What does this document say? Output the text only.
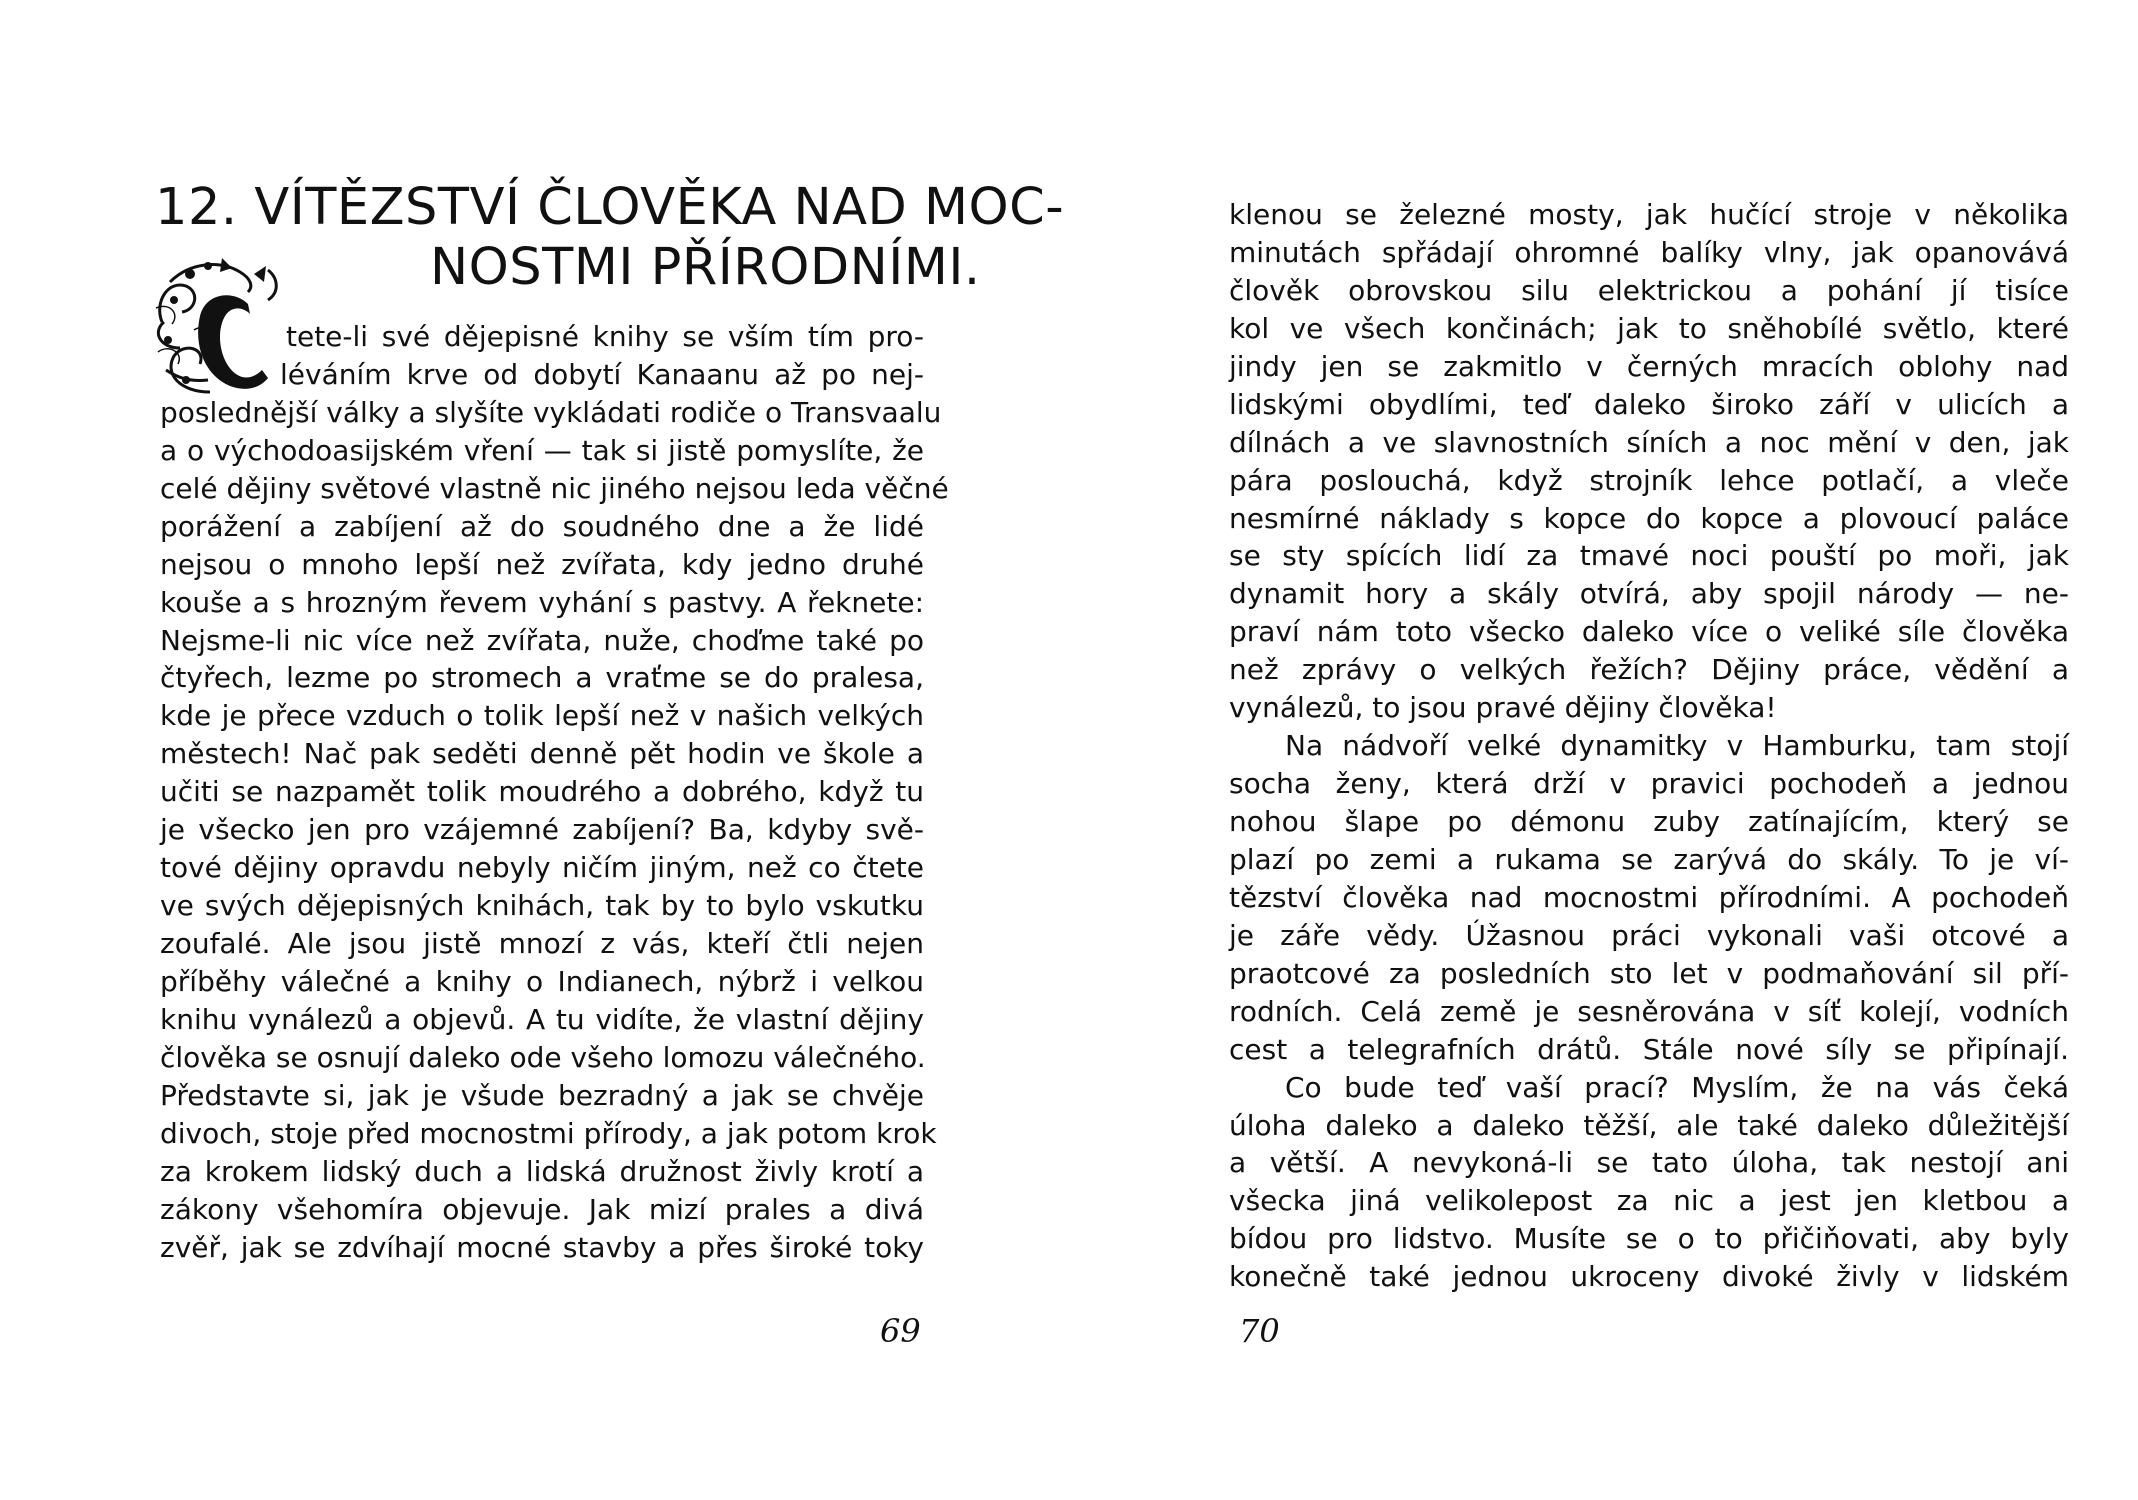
12. VÍTĚZSTVÍ ČLOVĚKA NAD MOC-
NOSTMI PŘÍRODNÍMI.
tete-li své dějepisné knihy se vším tím pro-
léváním krve od dobytí Kanaanu až po nej-
poslednější války a slyšíte vykládati rodiče o Transvaalu
a o východoasijském vření — tak si jistě pomyslíte, že
celé dějiny světové vlastně nic jiného nejsou leda věčné
porážení a zabíjení až do soudného dne a že lidé
nejsou o mnoho lepší než zvířata, kdy jedno druhé
kouše a s hrozným řevem vyhání s pastvy. A řeknete:
Nejsme-li nic více než zvířata, nuže, choďme také po
čtyřech, lezme po stromech a vraťme se do pralesa,
kde je přece vzduch o tolik lepší než v našich velkých
městech! Nač pak seděti denně pět hodin ve škole a
učiti se nazpamět tolik moudrého a dobrého, když tu
je všecko jen pro vzájemné zabíjení? Ba, kdyby svě-
tové dějiny opravdu nebyly ničím jiným, než co čtete
ve svých dějepisných knihách, tak by to bylo vskutku
zoufalé. Ale jsou jistě mnozí z vás, kteří čtli nejen
příběhy válečné a knihy o Indianech, nýbrž i velkou
knihu vynálezů a objevů. A tu vidíte, že vlastní dějiny
člověka se osnují daleko ode všeho lomozu válečného.
Představte si, jak je všude bezradný a jak se chvěje
divoch, stoje před mocnostmi přírody, a jak potom krok
za krokem lidský duch a lidská družnost živly krotí a
zákony všehomíra objevuje. Jak mizí prales a divá
zvěř, jak se zdvíhají mocné stavby a přes široké toky
69
klenou se železné mosty, jak hučící stroje v několika
minutách spřádají ohromné balíky vlny, jak opanovává
člověk obrovskou silu elektrickou a pohání jí tisíce
kol ve všech končinách; jak to sněhobílé světlo, které
jindy jen se zakmitlo v černých mracích oblohy nad
lidskými obydlími, teď daleko široko září v ulicích a
dílnách a ve slavnostních síních a noc mění v den, jak
pára poslouchá, když strojník lehce potlačí, a vleče
nesmírné náklady s kopce do kopce a plovoucí paláce
se sty spících lidí za tmavé noci pouští po moři, jak
dynamit hory a skály otvírá, aby spojil národy — ne-
praví nám toto všecko daleko více o veliké síle člověka
než zprávy o velkých řežích? Dějiny práce, vědění a
vynálezů, to jsou pravé dějiny člověka!
Na nádvoří velké dynamitky v Hamburku, tam stojí
socha ženy, která drží v pravici pochodeň a jednou
nohou šlape po démonu zuby zatínajícím, který se
plazí po zemi a rukama se zarývá do skály. To je ví-
tězství člověka nad mocnostmi přírodními. A pochodeň
je záře vědy. Úžasnou práci vykonali vaši otcové a
praotcové za posledních sto let v podmaňování sil pří-
rodních. Celá země je sesněrována v síť kolejí, vodních
cest a telegrafních drátů. Stále nové síly se připínají.
Co bude teď vaší prací? Myslím, že na vás čeká
úloha daleko a daleko těžší, ale také daleko důležitější
a větší. A nevykoná-li se tato úloha, tak nestojí ani
všecka jiná velikolepost za nic a jest jen kletbou a
bídou pro lidstvo. Musíte se o to přičiňovati, aby byly
konečně také jednou ukroceny divoké živly v lidském
70
